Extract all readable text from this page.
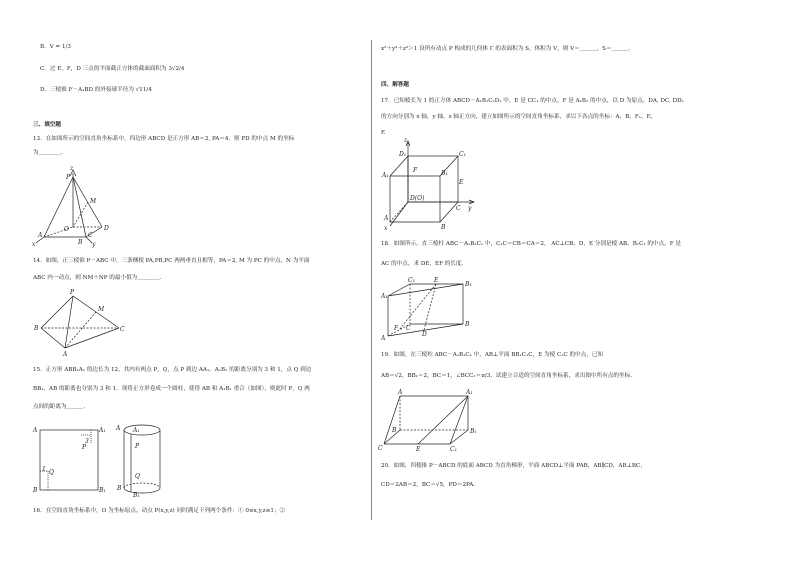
B．V = 1/3
C．过 E，F，D 三点的平面截正方体的截面面积为 3√2/4
D．三棱锥 F－A₁BD 的外接球半径为 √11/4
三、填空题
13．在如图所示的空间直角坐标系中，四边形 ABCD 是正方形 AB＝2, PA＝4，则 PD 的中点 M 的坐标
为＿＿＿＿.
14．如图，正三棱锥 P－ABC 中，三条侧棱 PA,PB,PC 两两垂直且相等，PA＝2, M 为 PC 的中点，N 为平面
ABC 内一动点，则 NM＋NP 的最小值为＿＿＿＿.
15．正方形 ABB₁A₁ 的边长为 12，其内有两点 P，Q，点 P 到边 AA₁，A₁B₁ 的距离分别为 3 和 1，点 Q 到边
BB₁，AB 的距离也分别为 3 和 1．现将正方形卷成一个圆柱，使得 AB 和 A₁B₁ 重合（如图），则此时 P，Q 两
点间的距离为＿＿＿.
16．在空间直角坐标系中，O 为坐标原点，动点 P(x,y,z) 同时满足下列两个条件：① 0≤x,y,z≤1；②
x²＋y²＋z²＞1 设所有动点 P 构成的几何体 Γ 的表面积为 S，体积为 V，则 V＝＿＿＿，S＝＿＿＿.
四、解答题
17．已知棱长为 1 的正方体 ABCD－A₁B₁C₁D₁ 中，E 是 CC₁ 的中点，F 是 A₁B₁ 的中点，以 D 为原点，DA, DC, DD₁
的方向分别为 x 轴，y 轴，z 轴正方向，建立如图所示的空间直角坐标系，求以下各点的坐标：A，B，F₁，E，
F.
18．如图所示，直三棱柱 ABC－A₁B₁C₁ 中，C₁C＝CB＝CA＝2， AC⊥CB，D，E 分别是棱 AB，B₁C₁ 的中点，F 是
AC 的中点，求 DE，EF 的长度.
19．如图，在三棱柱 ABC－A₁B₁C₁ 中，AB⊥平面 BB₁C₁C，E 为棱 C₁C 的中点，已知
AB＝√2，BB₁＝2，BC＝1，∠BCC₁＝π/3，试建立合适的空间直角坐标系，求出图中所有点的坐标.
20．如图，四棱锥 P－ABCD 的底面 ABCD 为直角梯形，平面 ABCD⊥平面 PAB，AB∥CD，AB⊥BC，
CD＝2AB＝2，BC＝√5，PD＝2PA.
z
P
M
A
B
C
D
x	y
O
P
M
B	C
A
A	A₁
B	B₁
P
Q
3
1
A A₁
P
Q
B
B₁
z
D₁	C₁
A₁
F	B₁
E
D(O)
C y
A
B
x
C₁
B₁
A₁
E
F C
D
A
B
A	A₁
B	B₁
C	E	C₁
